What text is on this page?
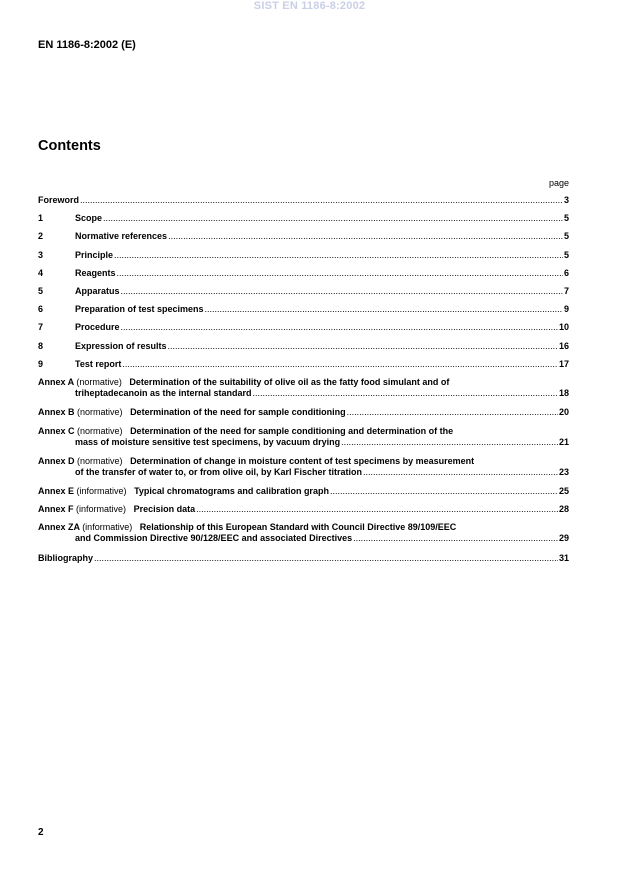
SIST EN 1186-8:2002
EN 1186-8:2002 (E)
Contents
page
Foreword .....	3
1	Scope .....	5
2	Normative references .....	5
3	Principle .....	5
4	Reagents .....	6
5	Apparatus .....	7
6	Preparation of test specimens .....	9
7	Procedure .....	10
8	Expression of results .....	16
9	Test report .....	17
Annex A (normative) Determination of the suitability of olive oil as the fatty food simulant and of
triheptadecanoin as the internal standard .....	18
Annex B (normative) Determination of the need for sample conditioning .....	20
Annex C (normative) Determination of the need for sample conditioning and determination of the
mass of moisture sensitive test specimens, by vacuum drying .....	21
Annex D (normative) Determination of change in moisture content of test specimens by measurement
of the transfer of water to, or from olive oil, by Karl Fischer titration .....	23
Annex E (informative) Typical chromatograms and calibration graph .....	25
Annex F (informative) Precision data .....	28
Annex ZA (informative) Relationship of this European Standard with Council Directive 89/109/EEC
and Commission Directive 90/128/EEC and associated Directives .....	29
Bibliography .....	31
2
